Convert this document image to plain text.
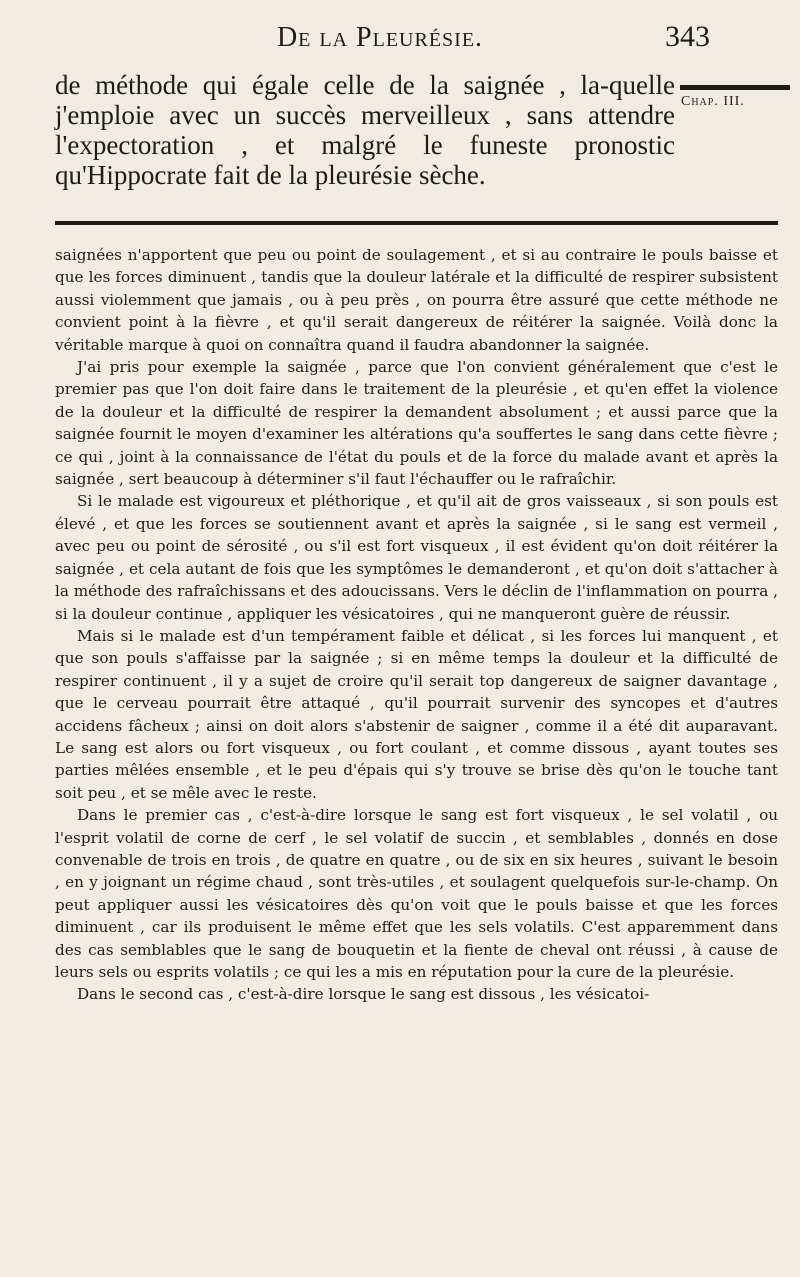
De la Pleurésie.	343
Chap. III.
de méthode qui égale celle de la saignée , la-quelle j'emploie avec un succès merveilleux , sans attendre l'expectoration , et malgré le funeste pronostic qu'Hippocrate fait de la pleurésie sèche.

saignées n'apportent que peu ou point de soulagement , et si au contraire le pouls baisse et que les forces diminuent , tandis que la douleur latérale et la difficulté de respirer subsistent aussi violemment que jamais , ou à peu près , on pourra être assuré que cette méthode ne convient point à la fièvre , et qu'il serait dangereux de réitérer la saignée. Voilà donc la véritable marque à quoi on connaîtra quand il faudra abandonner la saignée.

J'ai pris pour exemple la saignée , parce que l'on convient généralement que c'est le premier pas que l'on doit faire dans le traitement de la pleurésie , et qu'en effet la violence de la douleur et la difficulté de respirer la demandent absolument ; et aussi parce que la saignée fournit le moyen d'examiner les altérations qu'a souffertes le sang dans cette fièvre ; ce qui , joint à la connaissance de l'état du pouls et de la force du malade avant et après la saignée , sert beaucoup à déterminer s'il faut l'échauffer ou le rafraîchir.

Si le malade est vigoureux et pléthorique , et qu'il ait de gros vaisseaux , si son pouls est élevé , et que les forces se soutiennent avant et après la saignée , si le sang est vermeil , avec peu ou point de sérosité , ou s'il est fort visqueux , il est évident qu'on doit réitérer la saignée , et cela autant de fois que les symptômes le demanderont , et qu'on doit s'attacher à la méthode des rafraîchissans et des adoucissans. Vers le déclin de l'inflammation on pourra , si la douleur continue , appliquer les vésicatoires , qui ne manqueront guère de réussir.

Mais si le malade est d'un tempérament faible et délicat , si les forces lui manquent , et que son pouls s'affaisse par la saignée ; si en même temps la douleur et la difficulté de respirer continuent , il y a sujet de croire qu'il serait top dangereux de saigner davantage , que le cerveau pourrait être attaqué , qu'il pourrait survenir des syncopes et d'autres accidens fâcheux ; ainsi on doit alors s'abstenir de saigner , comme il a été dit auparavant. Le sang est alors ou fort visqueux , ou fort coulant , et comme dissous , ayant toutes ses parties mêlées ensemble , et le peu d'épais qui s'y trouve se brise dès qu'on le touche tant soit peu , et se mêle avec le reste.

Dans le premier cas , c'est-à-dire lorsque le sang est fort visqueux , le sel volatil , ou l'esprit volatil de corne de cerf , le sel volatif de succin , et semblables , donnés en dose convenable de trois en trois , de quatre en quatre , ou de six en six heures , suivant le besoin , en y joignant un régime chaud , sont très-utiles , et soulagent quelquefois sur-le-champ. On peut appliquer aussi les vésicatoires dès qu'on voit que le pouls baisse et que les forces diminuent , car ils produisent le même effet que les sels volatils. C'est apparemment dans des cas semblables que le sang de bouquetin et la fiente de cheval ont réussi , à cause de leurs sels ou esprits volatils ; ce qui les a mis en réputation pour la cure de la pleurésie.

Dans le second cas , c'est-à-dire lorsque le sang est dissous , les vésicatoi-
